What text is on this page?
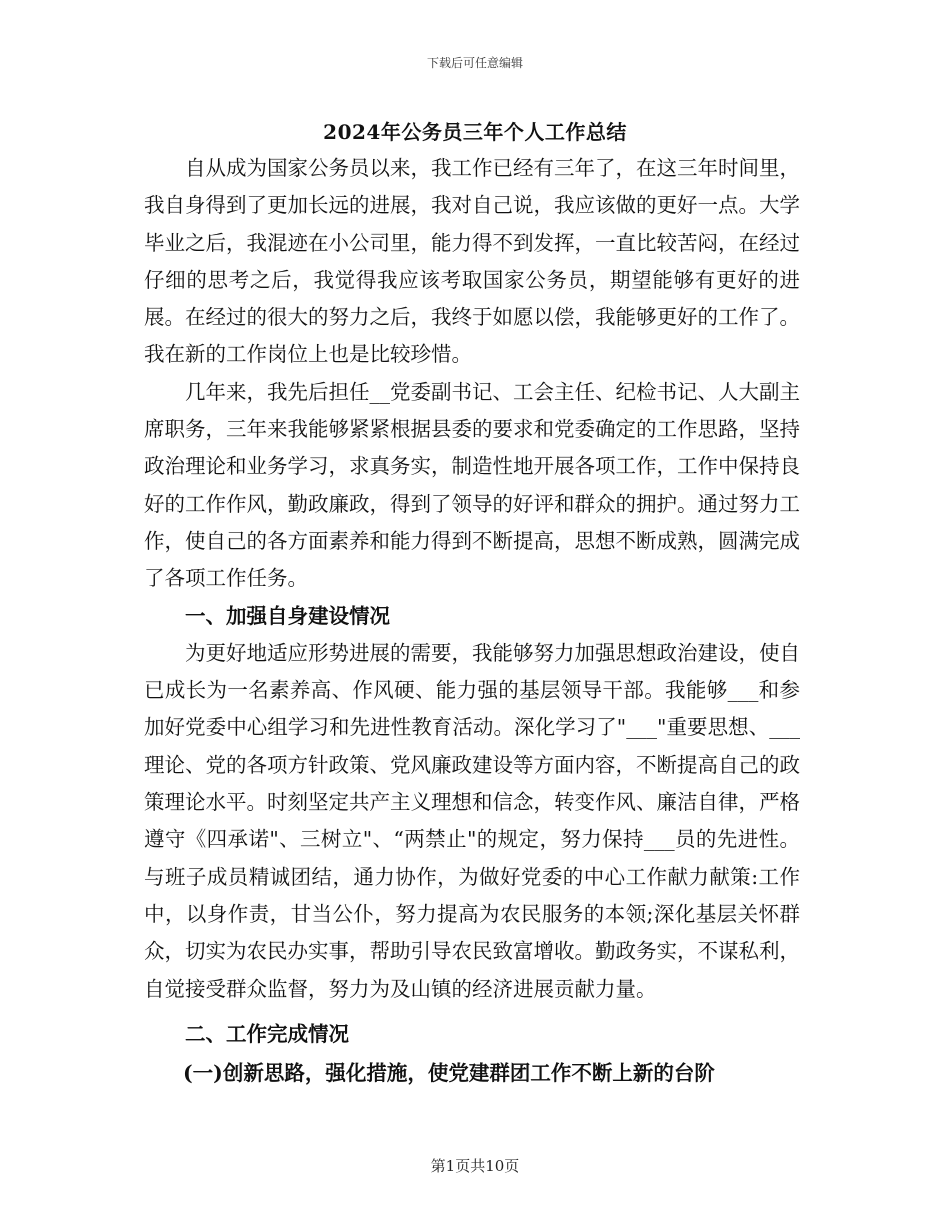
下载后可任意编辑
2024年公务员三年个人工作总结

自从成为国家公务员以来，我工作已经有三年了，在这三年时间里，我自身得到了更加长远的进展，我对自己说，我应该做的更好一点。大学毕业之后，我混迹在小公司里，能力得不到发挥，一直比较苦闷，在经过仔细的思考之后，我觉得我应该考取国家公务员，期望能够有更好的进展。在经过的很大的努力之后，我终于如愿以偿，我能够更好的工作了。我在新的工作岗位上也是比较珍惜。

几年来，我先后担任__党委副书记、工会主任、纪检书记、人大副主席职务，三年来我能够紧紧根据县委的要求和党委确定的工作思路，坚持政治理论和业务学习，求真务实，制造性地开展各项工作，工作中保持良好的工作作风，勤政廉政，得到了领导的好评和群众的拥护。通过努力工作，使自己的各方面素养和能力得到不断提高，思想不断成熟，圆满完成了各项工作任务。

一、加强自身建设情况

为更好地适应形势进展的需要，我能够努力加强思想政治建设，使自已成长为一名素养高、作风硬、能力强的基层领导干部。我能够___和参加好党委中心组学习和先进性教育活动。深化学习了"___"重要思想、___理论、党的各项方针政策、党风廉政建设等方面内容，不断提高自己的政策理论水平。时刻坚定共产主义理想和信念，转变作风、廉洁自律，严格遵守《四承诺"、三树立"、“两禁止"的规定，努力保持___员的先进性。与班子成员精诚团结，通力协作，为做好党委的中心工作献力献策:工作中，以身作责，甘当公仆，努力提高为农民服务的本领;深化基层关怀群众，切实为农民办实事，帮助引导农民致富增收。勤政务实，不谋私利，自觉接受群众监督，努力为及山镇的经济进展贡献力量。

二、工作完成情况

(一)创新思路，强化措施，使党建群团工作不断上新的台阶

第1页共10页
